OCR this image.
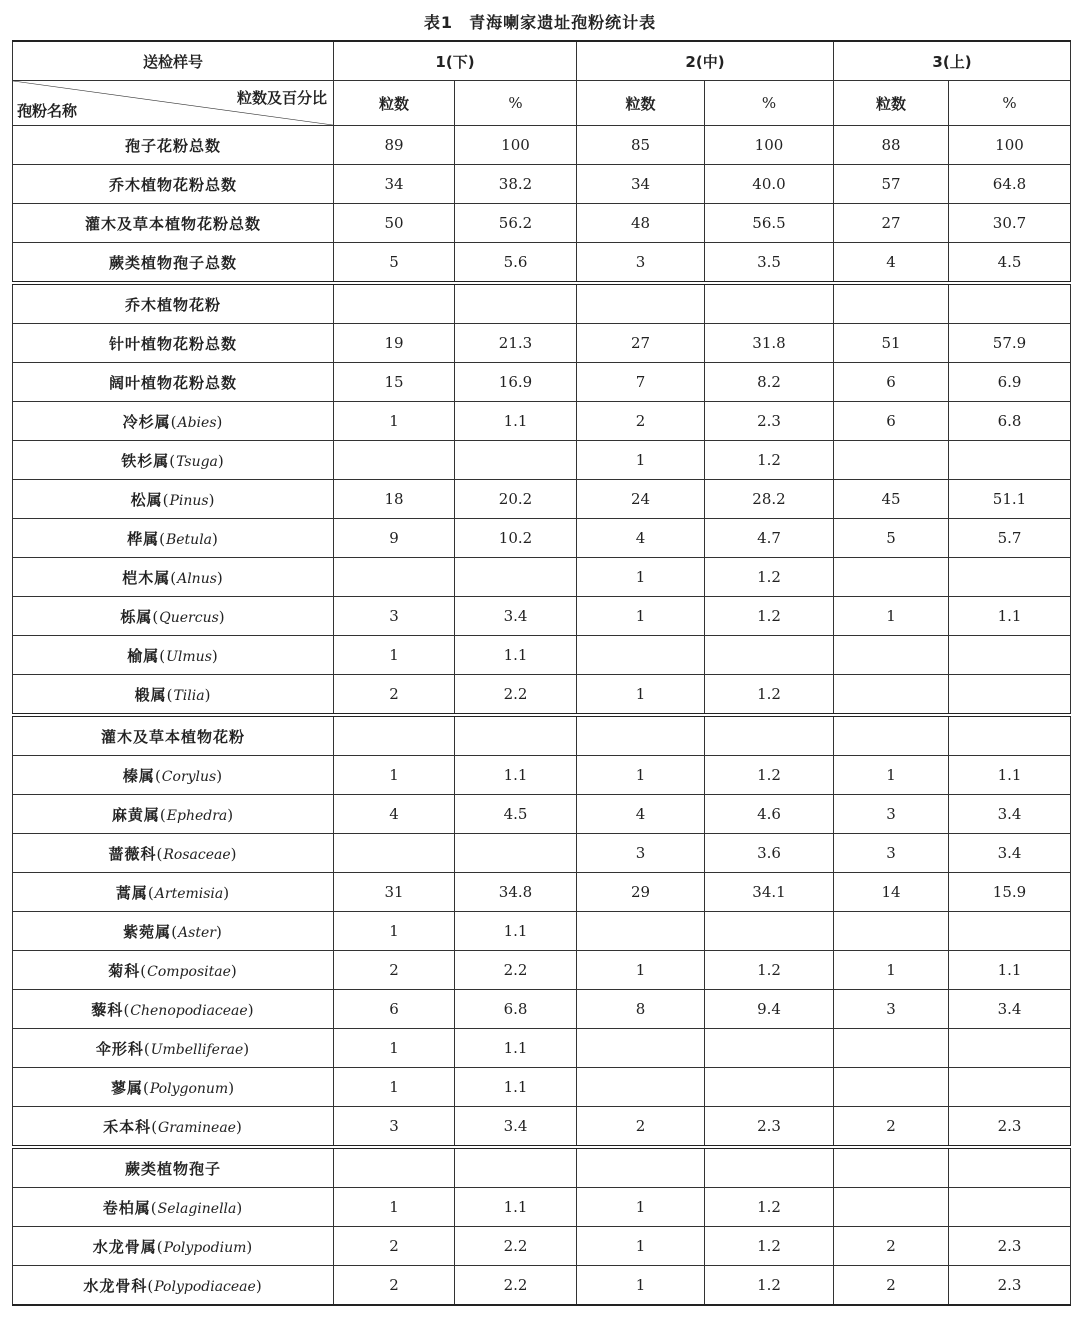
表1 青海喇家遗址孢粉统计表
送检样号	1(下)		2(中)		3(上)	

粒数及百分比
孢粉名称	粒数	%	粒数	%	粒数	%
孢子花粉总数	89	100	85	100	88	100
乔木植物花粉总数	34	38.2	34	40.0	57	64.8
灌木及草本植物花粉总数	50	56.2	48	56.5	27	30.7
蕨类植物孢子总数	5	5.6	3	3.5	4	4.5
乔木植物花粉						
针叶植物花粉总数	19	21.3	27	31.8	51	57.9
阔叶植物花粉总数	15	16.9	7	8.2	6	6.9
冷杉属(Abies)	1	1.1	2	2.3	6	6.8
铁杉属(Tsuga)			1	1.2		
松属(Pinus)	18	20.2	24	28.2	45	51.1
桦属(Betula)	9	10.2	4	4.7	5	5.7
桤木属(Alnus)			1	1.2		
栎属(Quercus)	3	3.4	1	1.2	1	1.1
榆属(Ulmus)	1	1.1				
椴属(Tilia)	2	2.2	1	1.2		
灌木及草本植物花粉						
榛属(Corylus)	1	1.1	1	1.2	1	1.1
麻黄属(Ephedra)	4	4.5	4	4.6	3	3.4
蔷薇科(Rosaceae)			3	3.6	3	3.4
蒿属(Artemisia)	31	34.8	29	34.1	14	15.9
紫菀属(Aster)	1	1.1				
菊科(Compositae)	2	2.2	1	1.2	1	1.1
藜科(Chenopodiaceae)	6	6.8	8	9.4	3	3.4
伞形科(Umbelliferae)	1	1.1				
蓼属(Polygonum)	1	1.1				
禾本科(Gramineae)	3	3.4	2	2.3	2	2.3
蕨类植物孢子						
卷柏属(Selaginella)	1	1.1	1	1.2		
水龙骨属(Polypodium)	2	2.2	1	1.2	2	2.3
水龙骨科(Polypodiaceae)	2	2.2	1	1.2	2	2.3
